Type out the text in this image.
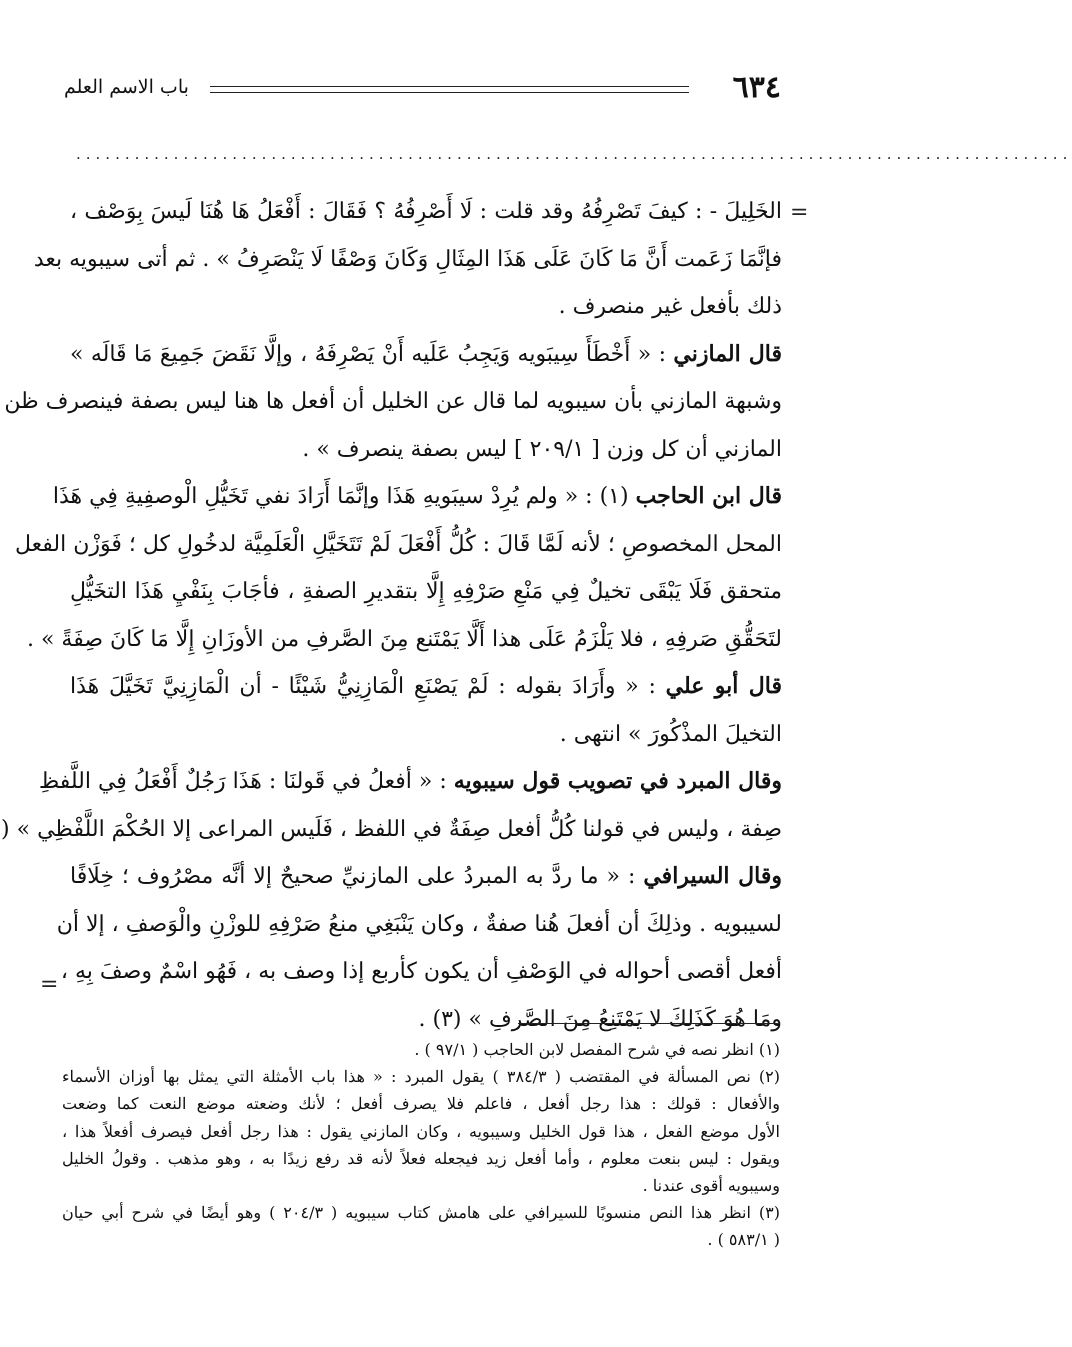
٦٣٤
باب الاسم العلم
......................................................................................................
=
=
الخَلِيلَ - : كيفَ تَصْرِفُهُ وقد قلت : لَا أَصْرِفُهُ ؟ فَقَالَ : أَفْعَلُ هَا هُنَا لَيسَ بِوَصْف ،
فإنَّمَا زَعَمت أَنَّ مَا كَانَ عَلَى هَذَا المِثَالِ وَكَانَ وَصْفًا لَا يَنْصَرِفُ » . ثم أتى سيبويه بعد
ذلك بأفعل غير منصرف .
قال المازني : « أَخْطَأَ سِيبَويه وَيَجِبُ عَلَيه أَنْ يَصْرِفَهُ ، وإلَّا نَقَضَ جَمِيعَ مَا قَالَه »
وشبهة المازني بأن سيبويه لما قال عن الخليل أن أفعل ها هنا ليس بصفة فينصرف ظن
المازني أن كل وزن [ ٢٠٩/١ ] ليس بصفة ينصرف » .
قال ابن الحاجب (١) : « ولم يُرِدْ سيبَويهِ هَذَا وإنَّمَا أَرَادَ نفي تَخَيُّلِ الْوصفِيةِ فِي هَذَا
المحل المخصوصِ ؛ لأنه لَمَّا قَالَ : كُلُّ أَفْعَلَ لَمْ تَتَخَيَّلِ الْعَلَمِيَّة لدخُولِ كل ؛ فَوَزْن الفعل
متحقق فَلَا يَبْقَى تخيلٌ فِي مَنْعِ صَرْفِهِ إِلَّا بتقديرِ الصفةِ ، فأجَابَ بِنَفْيِ هَذَا التخَيُّلِ
لتَحَقُّقِ صَرفِهِ ، فلا يَلْزَمُ عَلَى هذا أَلَّا يَمْتَنع مِنَ الصَّرفِ من الأوزَانِ إِلَّا مَا كَانَ صِفَةً » .
قال أبو علي : « وأَرَادَ بقوله : لَمْ يَصْنَعِ الْمَازِنِيُّ شَيْئًا - أن الْمَازِنِيَّ تَخَيَّلَ هَذَا
التخيلَ المذْكُورَ » انتهى .
وقال المبرد في تصويب قول سيبويه : « أفعلُ في قَولنَا : هَذَا رَجُلٌ أَفْعَلُ فِي اللَّفظِ
صِفة ، وليس في قولنا كُلُّ أفعل صِفَةٌ في اللفظ ، فَلَيس المراعى إلا الحُكْمَ اللَّفْظِي » (
وقال السيرافي : « ما ردَّ به المبردُ على المازنيِّ صحيحٌ إلا أنَّه مصْرُوف ؛ خِلَافًا
لسيبويه . وذلِكَ أن أفعلَ هُنا صفةٌ ، وكان يَنْبَغِي منعُ صَرْفِهِ للوزْنِ والْوَصفِ ، إلا أن
أفعل أقصى أحواله في الوَصْفِ أن يكون كأربع إذا وصف به ، فَهُو اسْمٌ وصفَ بِهِ ،
ومَا هُوَ كَذَلِكَ لا يَمْتَنِعُ مِنَ الصَّرفِ » (٣) .
(١) انظر نصه في شرح المفصل لابن الحاجب ( ٩٧/١ ) .
(٢) نص المسألة في المقتضب ( ٣٨٤/٣ ) يقول المبرد : « هذا باب الأمثلة التي يمثل بها أوزان الأسماء
والأفعال : قولك : هذا رجل أفعل ، فاعلم فلا يصرف أفعل ؛ لأنك وضعته موضع النعت كما وضعت
الأول موضع الفعل ، هذا قول الخليل وسيبويه ، وكان المازني يقول : هذا رجل أفعل فيصرف أفعلاً هذا ،
ويقول : ليس بنعت معلوم ، وأما أفعل زيد فيجعله فعلاً لأنه قد رفع زيدًا به ، وهو مذهب . وقولُ الخليل
وسيبويه أقوى عندنا .
(٣) انظر هذا النص منسوبًا للسيرافي على هامش كتاب سيبويه ( ٢٠٤/٣ ) وهو أيضًا في شرح أبي حيان
( ٥٨٣/١ ) .
